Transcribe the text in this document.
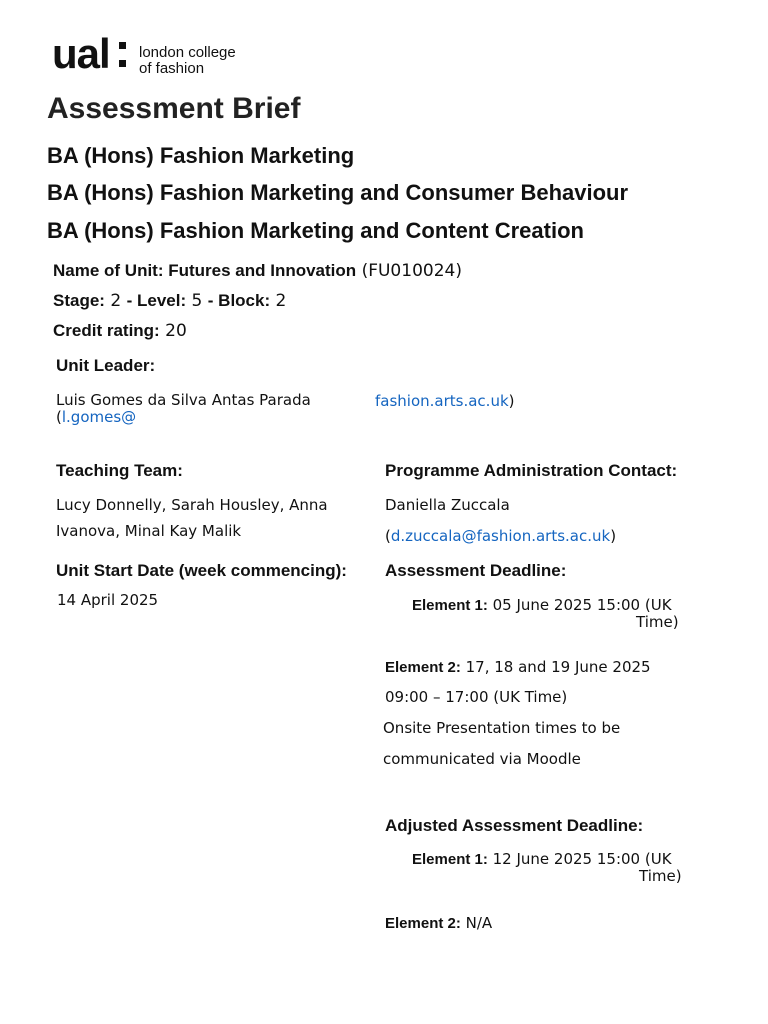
ual london college
of fashion
Assessment Brief
BA (Hons) Fashion Marketing
BA (Hons) Fashion Marketing and Consumer Behaviour
BA (Hons) Fashion Marketing and Content Creation
Name of Unit: Futures and Innovation (FU010024)
Stage: 2 - Level: 5 - Block: 2
Credit rating: 20
Unit Leader:
Luis Gomes da Silva Antas Parada
(l.gomes@
fashion.arts.ac.uk)
Teaching Team:
Lucy Donnelly, Sarah Housley, Anna
Ivanova, Minal Kay Malik
Programme Administration Contact:
Daniella Zuccala
(d.zuccala@fashion.arts.ac.uk)
Unit Start Date (week commencing):
14 April 2025
Assessment Deadline:
Element 1: 05 June 2025 15:00 (UK
Time)
Element 2: 17, 18 and 19 June 2025
09:00 – 17:00 (UK Time)
Onsite Presentation times to be
communicated via Moodle
Adjusted Assessment Deadline:
Element 1: 12 June 2025 15:00 (UK
Time)
Element 2: N/A
